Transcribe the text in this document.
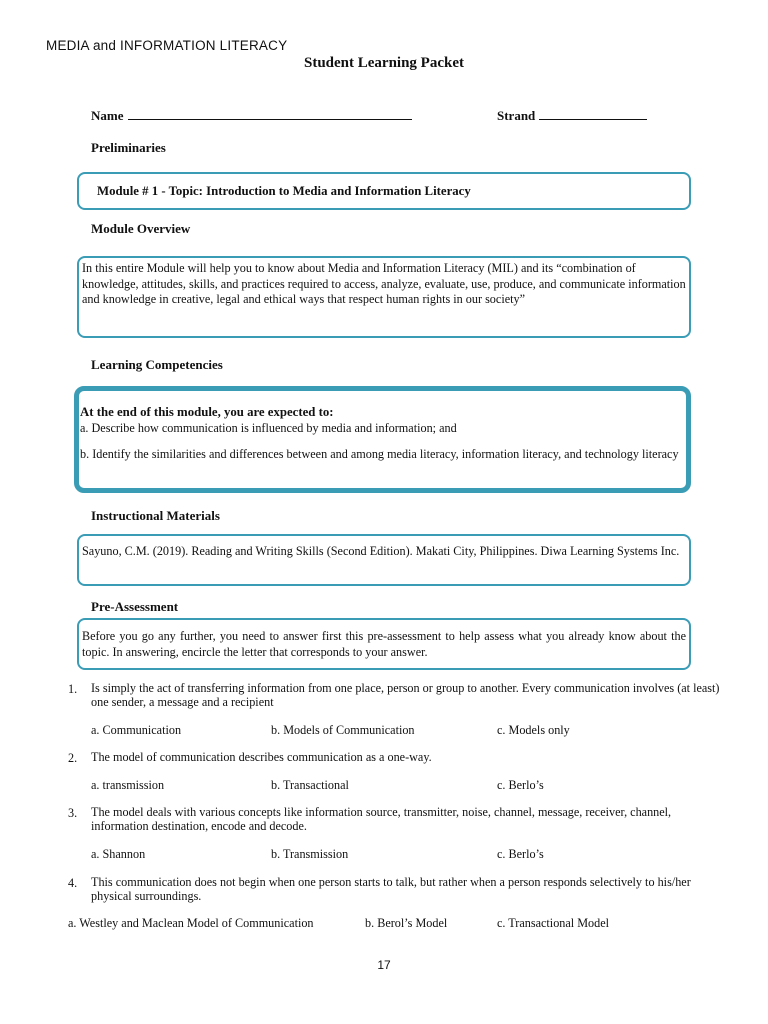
MEDIA and INFORMATION LITERACY
Student Learning Packet
Name	Strand
Preliminaries
Module # 1 - Topic: Introduction to Media and Information Literacy
Module Overview
In this entire Module will help you to know about Media and Information Literacy (MIL) and its “combination of knowledge, attitudes, skills, and practices required to access, analyze, evaluate, use, produce, and communicate information and knowledge in creative, legal and ethical ways that respect human rights in our society”
Learning Competencies
At the end of this module, you are expected to:
a. Describe how communication is influenced by media and information; and
b. Identify the similarities and differences between and among media literacy, information literacy, and technology literacy
Instructional Materials
Sayuno, C.M. (2019). Reading and Writing Skills (Second Edition). Makati City, Philippines. Diwa Learning Systems Inc.
Pre-Assessment
Before you go any further, you need to answer first this pre-assessment to help assess what you already know about the topic. In answering, encircle the letter that corresponds to your answer.
1. Is simply the act of transferring information from one place, person or group to another. Every communication involves (at least) one sender, a message and a recipient
a. Communication	b. Models of Communication	c. Models only
2. The model of communication describes communication as a one-way.
a. transmission	b. Transactional	c. Berlo’s
3. The model deals with various concepts like information source, transmitter, noise, channel, message, receiver, channel, information destination, encode and decode.
a. Shannon	b. Transmission	c. Berlo’s
4. This communication does not begin when one person starts to talk, but rather when a person responds selectively to his/her physical surroundings.
a. Westley and Maclean Model of Communication	b. Berol’s Model	c. Transactional Model
17
